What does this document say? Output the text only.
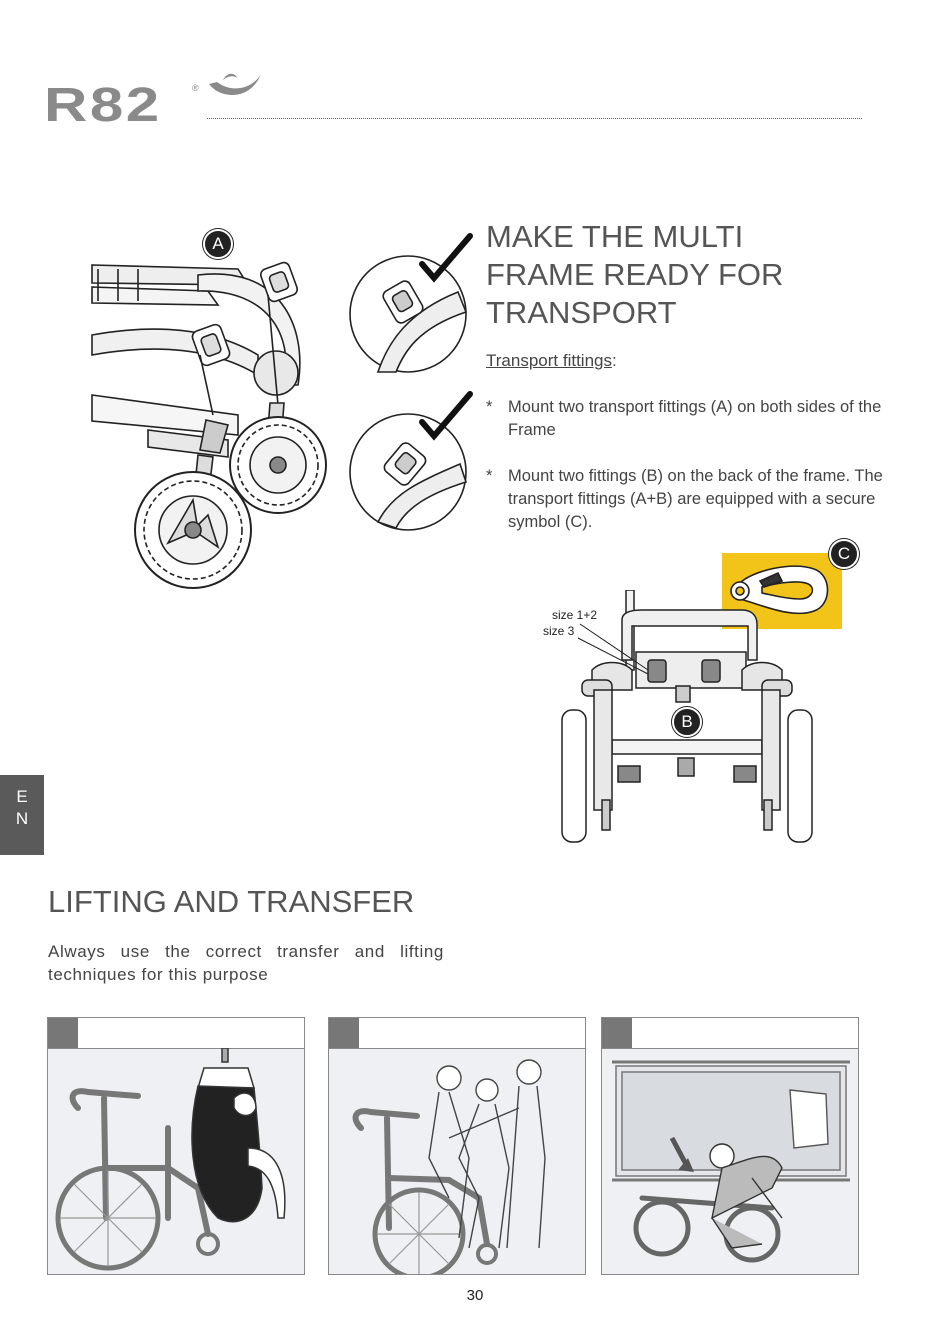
R82	®
A	MAKE THE MULTI
FRAME READY FOR
TRANSPORT
Transport fittings:
* Mount two transport fittings (A) on both sides of the Frame
* Mount two fittings (B) on the back of the frame. The transport fittings (A+B) are equipped with a secure symbol (C).
C
size 1+2
size 3
B
E
N
LIFTING AND TRANSFER
Always use the correct transfer and lifting techniques for this purpose
30
